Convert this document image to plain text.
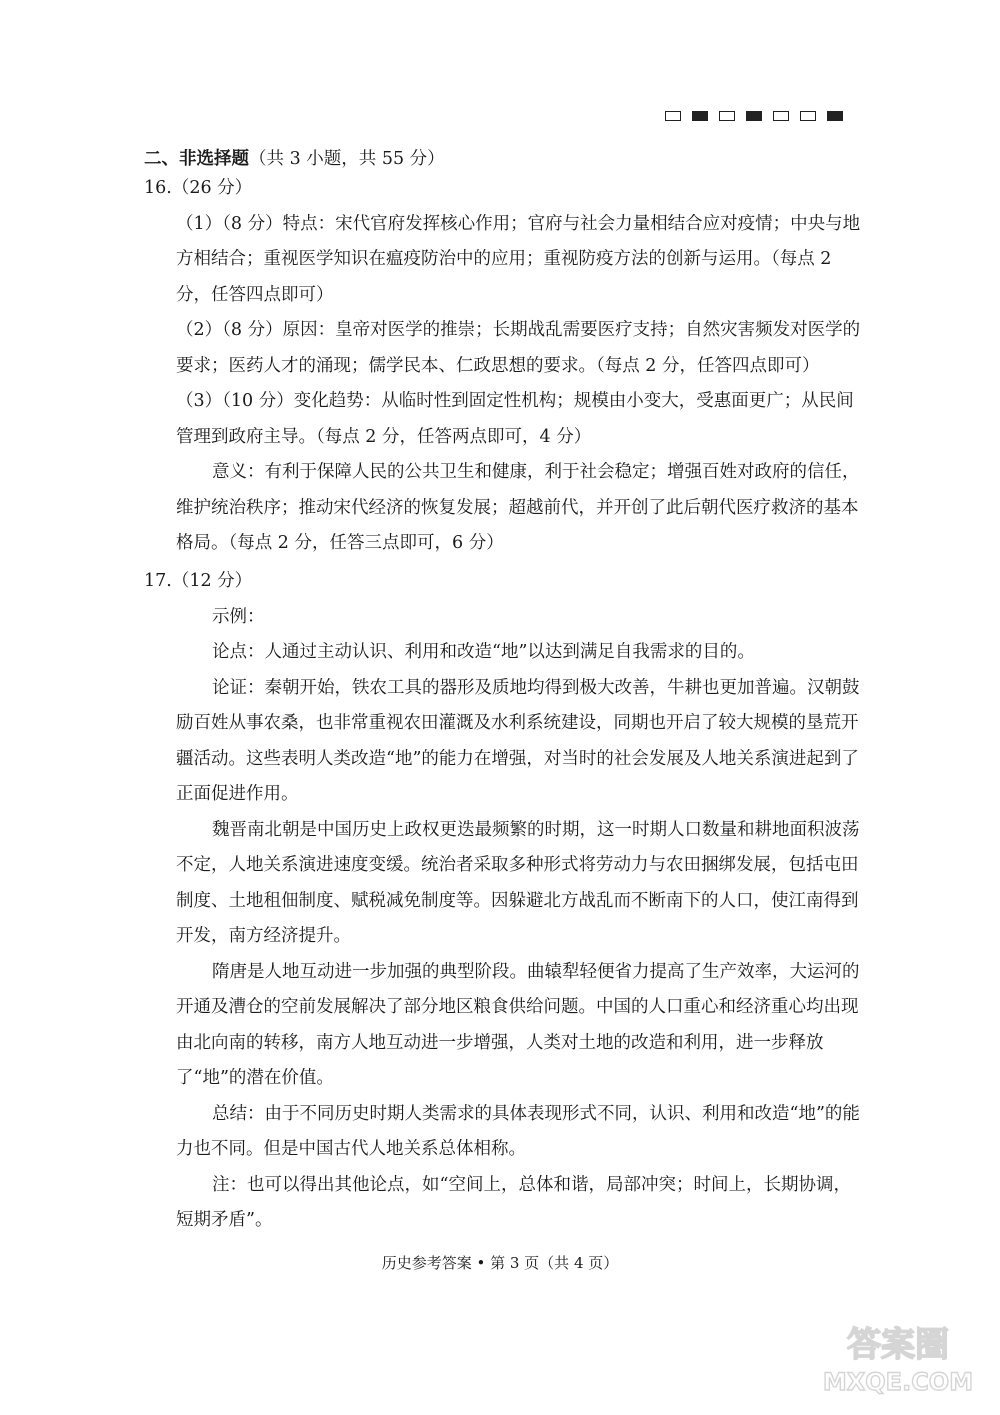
二、非选择题（共 3 小题，共 55 分）
16.（26 分）
（1）（8 分）特点：宋代官府发挥核心作用；官府与社会力量相结合应对疫情；中央与地方相结合；重视医学知识在瘟疫防治中的应用；重视防疫方法的创新与运用。（每点 2 分，任答四点即可）
（2）（8 分）原因：皇帝对医学的推崇；长期战乱需要医疗支持；自然灾害频发对医学的要求；医药人才的涌现；儒学民本、仁政思想的要求。（每点 2 分，任答四点即可）
（3）（10 分）变化趋势：从临时性到固定性机构；规模由小变大，受惠面更广；从民间管理到政府主导。（每点 2 分，任答两点即可，4 分）
意义：有利于保障人民的公共卫生和健康，利于社会稳定；增强百姓对政府的信任，维护统治秩序；推动宋代经济的恢复发展；超越前代，并开创了此后朝代医疗救济的基本格局。（每点 2 分，任答三点即可，6 分）
17.（12 分）
示例：
论点：人通过主动认识、利用和改造“地”以达到满足自我需求的目的。
论证：秦朝开始，铁农工具的器形及质地均得到极大改善，牛耕也更加普遍。汉朝鼓励百姓从事农桑，也非常重视农田灌溉及水利系统建设，同期也开启了较大规模的垦荒开疆活动。这些表明人类改造“地”的能力在增强，对当时的社会发展及人地关系演进起到了正面促进作用。
魏晋南北朝是中国历史上政权更迭最频繁的时期，这一时期人口数量和耕地面积波荡不定，人地关系演进速度变缓。统治者采取多种形式将劳动力与农田捆绑发展，包括屯田制度、土地租佃制度、赋税减免制度等。因躲避北方战乱而不断南下的人口，使江南得到开发，南方经济提升。
隋唐是人地互动进一步加强的典型阶段。曲辕犁轻便省力提高了生产效率，大运河的开通及漕仓的空前发展解决了部分地区粮食供给问题。中国的人口重心和经济重心均出现由北向南的转移，南方人地互动进一步增强，人类对土地的改造和利用，进一步释放了“地”的潜在价值。
总结：由于不同历史时期人类需求的具体表现形式不同，认识、利用和改造“地”的能力也不同。但是中国古代人地关系总体相称。
注：也可以得出其他论点，如“空间上，总体和谐，局部冲突；时间上，长期协调，短期矛盾”。
历史参考答案 • 第 3 页（共 4 页）
答案圈
MXQE.COM
